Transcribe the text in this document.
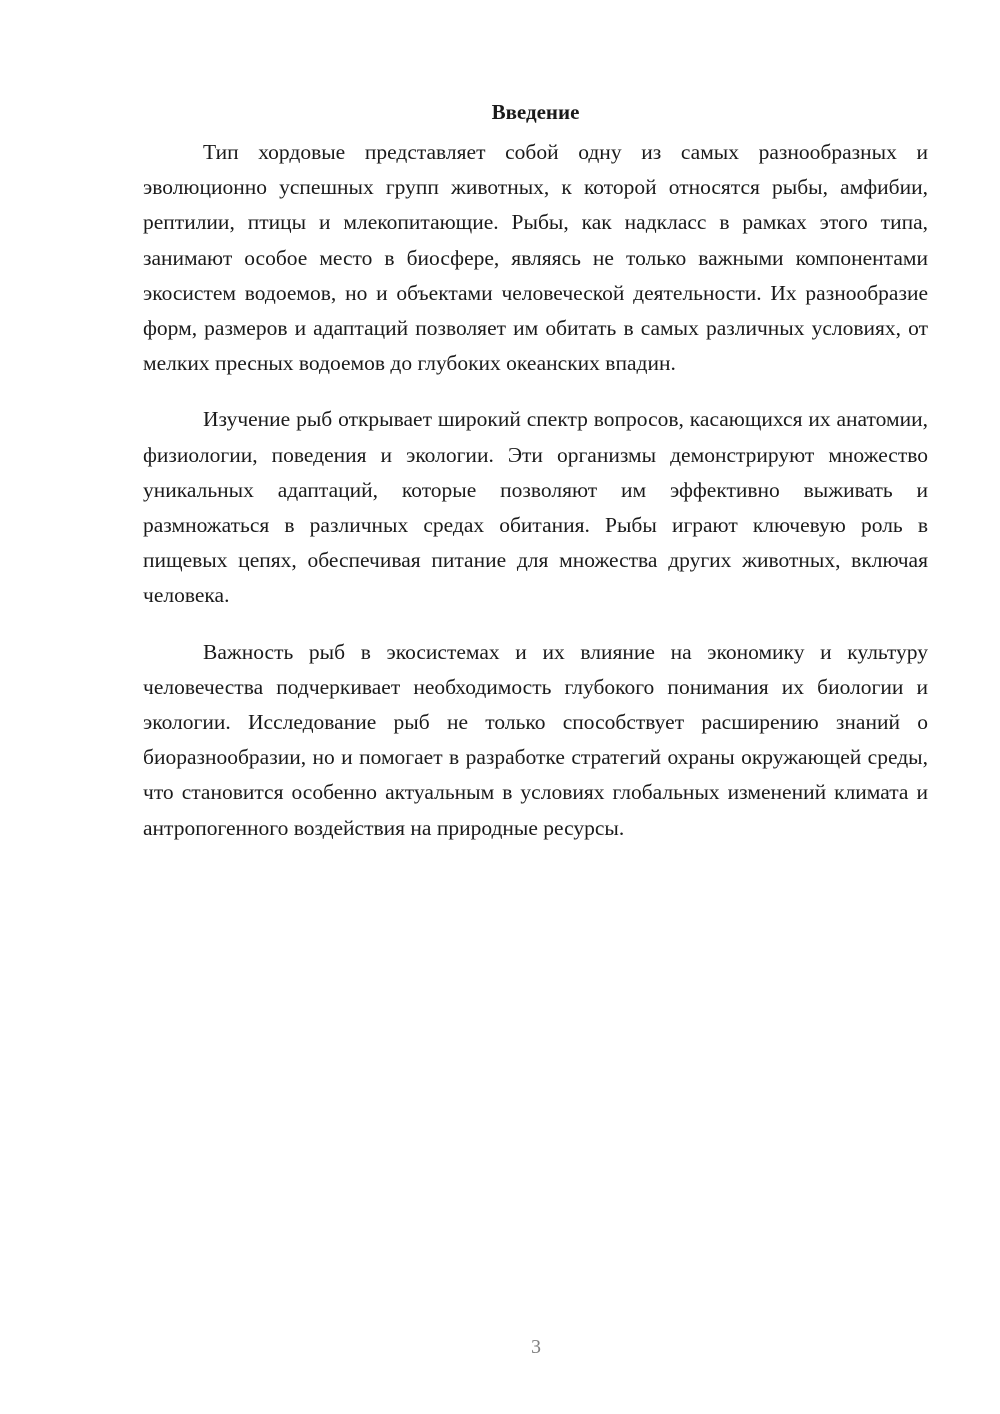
Введение

Тип хордовые представляет собой одну из самых разнообразных и эволюционно успешных групп животных, к которой относятся рыбы, амфибии, рептилии, птицы и млекопитающие. Рыбы, как надкласс в рамках этого типа, занимают особое место в биосфере, являясь не только важными компонентами экосистем водоемов, но и объектами человеческой деятельности. Их разнообразие форм, размеров и адаптаций позволяет им обитать в самых различных условиях, от мелких пресных водоемов до глубоких океанских впадин.

Изучение рыб открывает широкий спектр вопросов, касающихся их анатомии, физиологии, поведения и экологии. Эти организмы демонстрируют множество уникальных адаптаций, которые позволяют им эффективно выживать и размножаться в различных средах обитания. Рыбы играют ключевую роль в пищевых цепях, обеспечивая питание для множества других животных, включая человека.

Важность рыб в экосистемах и их влияние на экономику и культуру человечества подчеркивает необходимость глубокого понимания их биологии и экологии. Исследование рыб не только способствует расширению знаний о биоразнообразии, но и помогает в разработке стратегий охраны окружающей среды, что становится особенно актуальным в условиях глобальных изменений климата и антропогенного воздействия на природные ресурсы.

3
